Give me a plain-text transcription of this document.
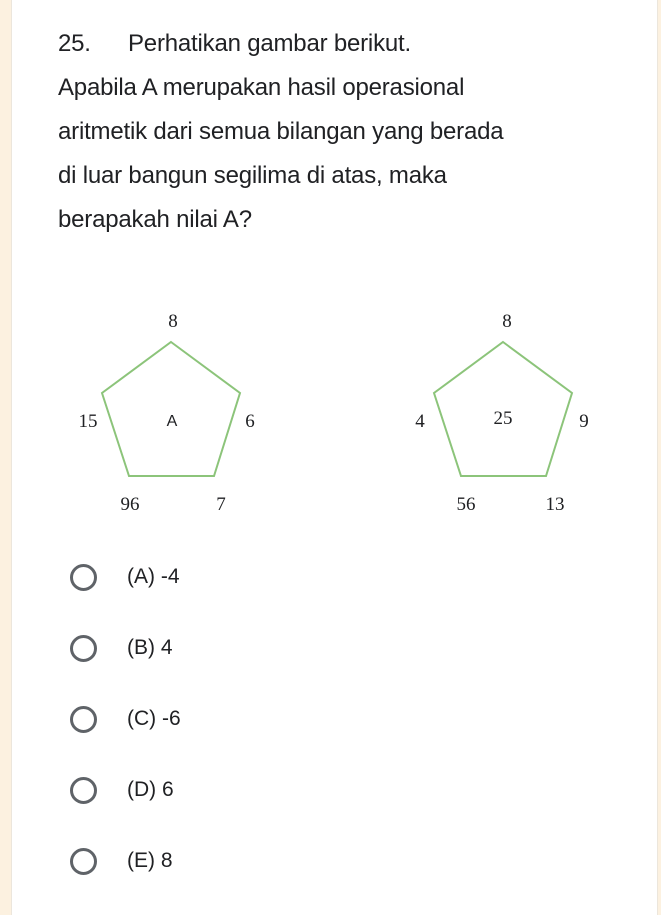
25. Perhatikan gambar berikut.
Apabila A merupakan hasil operasional
aritmetik dari semua bilangan yang berada
di luar bangun segilima di atas, maka
berapakah nilai A?
8
15	A	6
96	7
8
4	25	9
56	13
(A) -4
(B) 4
(C) -6
(D) 6
(E) 8
